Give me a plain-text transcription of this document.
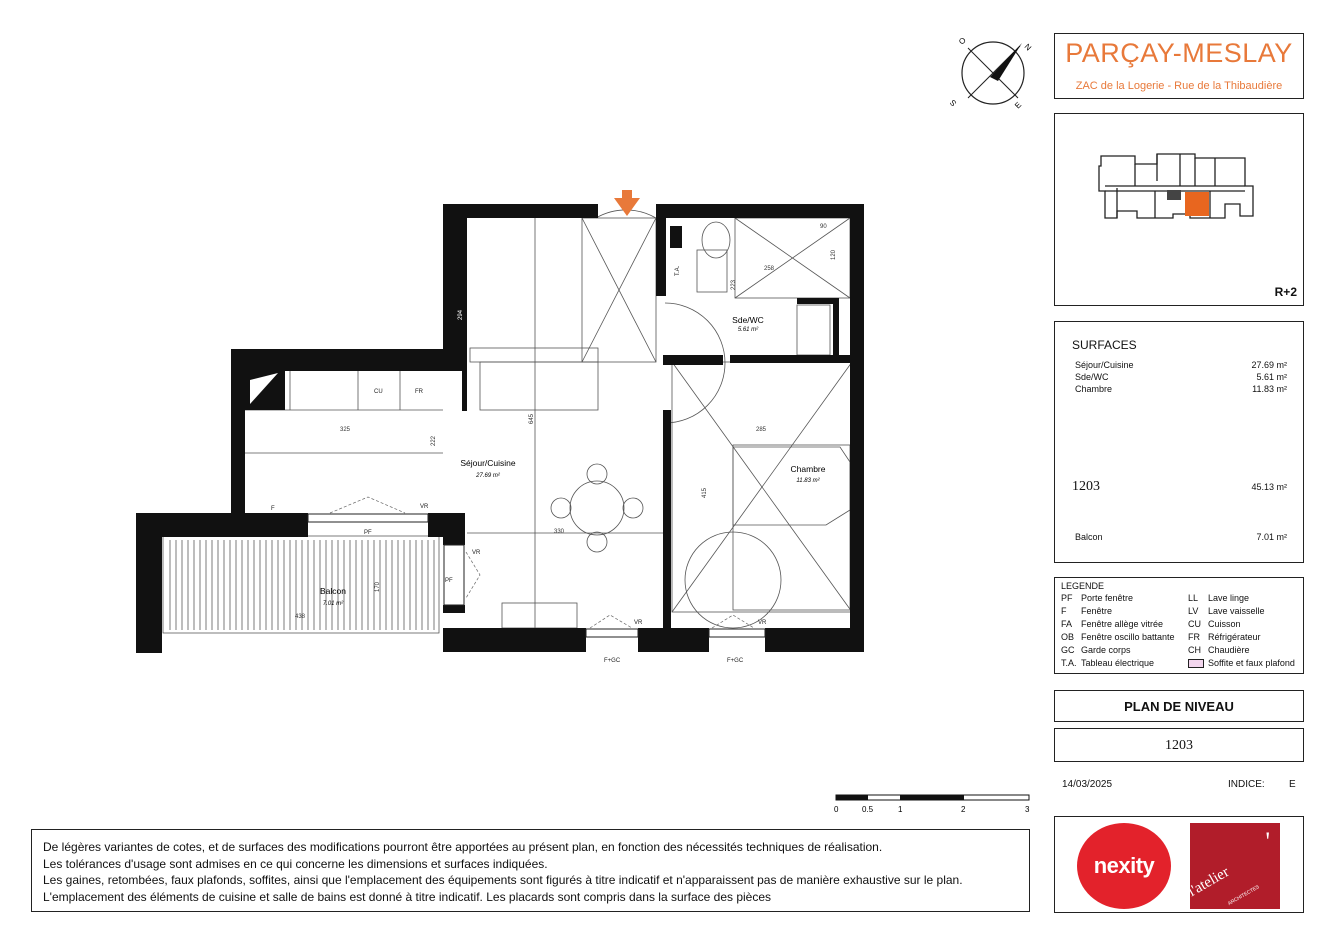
Séjour/Cuisine
27.69 m²
Sde/WC
5.61 m²
Chambre
11.83 m²
Balcon
7.01 m²
325
222
645
330
294
285
415
438
170
258
223
90
120
PF
PF
VR
VR
VR	VR
F+GC	F+GC
T.A.
CU	FR
F
N
O
S	E
PARÇAY-MESLAY
ZAC de la Logerie - Rue de la Thibaudière
R+2
SURFACES
Séjour/Cuisine	27.69 m²
Sde/WC	5.61 m²
Chambre	11.83 m²
1203	45.13 m²
Balcon	7.01 m²
LEGENDE
PF Porte fenêtre
F Fenêtre
FA Fenêtre allège vitrée
OB Fenêtre oscillo battante
GC Garde corps
T.A. Tableau électrique
LL Lave linge
LV Lave vaisselle
CU Cuisson
FR Réfrigérateur
CH Chaudière
Soffite et faux plafond
PLAN DE NIVEAU
1203
14/03/2025	INDICE: E
0	0.5	1	2	3
nexity
'
l'atelier
ARCHITECTES
De légères variantes de cotes, et de surfaces des modifications pourront être apportées au présent plan, en fonction des nécessités techniques de réalisation.
Les tolérances d'usage sont admises en ce qui concerne les dimensions et surfaces indiquées.
Les gaines, retombées, faux plafonds, soffites, ainsi que l'emplacement des équipements sont figurés à titre indicatif et n'apparaissent pas de manière exhaustive sur le plan.
L'emplacement des éléments de cuisine et salle de bains est donné à titre indicatif. Les placards sont compris dans la surface des pièces
